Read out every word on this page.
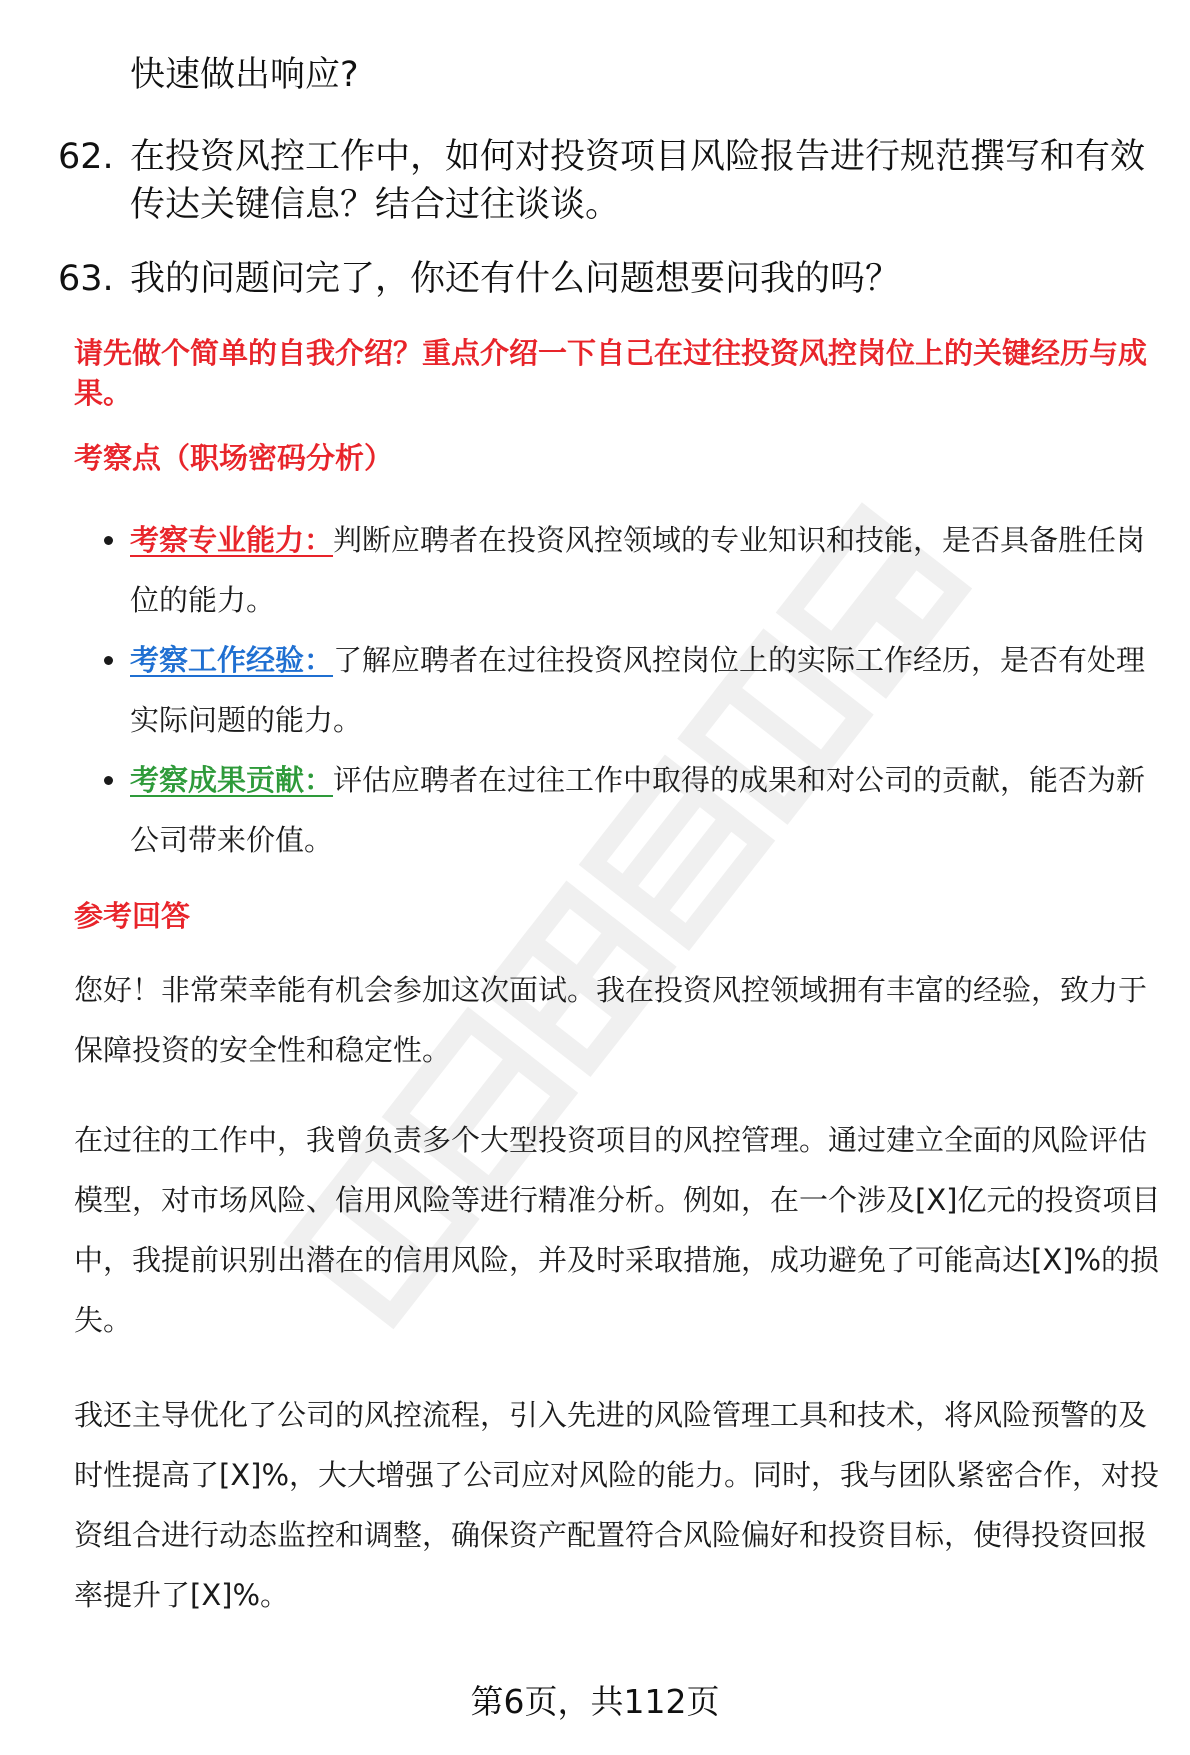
快速做出响应?
62. 在投资风控工作中，如何对投资项目风险报告进行规范撰写和有效传达关键信息？结合过往谈谈。
63. 我的问题问完了，你还有什么问题想要问我的吗？
请先做个简单的自我介绍？重点介绍一下自己在过往投资风控岗位上的关键经历与成果。
考察点（职场密码分析）
考察专业能力：判断应聘者在投资风控领域的专业知识和技能，是否具备胜任岗位的能力。
考察工作经验：了解应聘者在过往投资风控岗位上的实际工作经历，是否有处理实际问题的能力。
考察成果贡献：评估应聘者在过往工作中取得的成果和对公司的贡献，能否为新公司带来价值。
参考回答

您好！非常荣幸能有机会参加这次面试。我在投资风控领域拥有丰富的经验，致力于保障投资的安全性和稳定性。

在过往的工作中，我曾负责多个大型投资项目的风控管理。通过建立全面的风险评估模型，对市场风险、信用风险等进行精准分析。例如，在一个涉及[X]亿元的投资项目中，我提前识别出潜在的信用风险，并及时采取措施，成功避免了可能高达[X]%的损失。

我还主导优化了公司的风控流程，引入先进的风险管理工具和技术，将风险预警的及时性提高了[X]%，大大增强了公司应对风险的能力。同时，我与团队紧密合作，对投资组合进行动态监控和调整，确保资产配置符合风险偏好和投资目标，使得投资回报率提升了[X]%。

第6页，共112页
